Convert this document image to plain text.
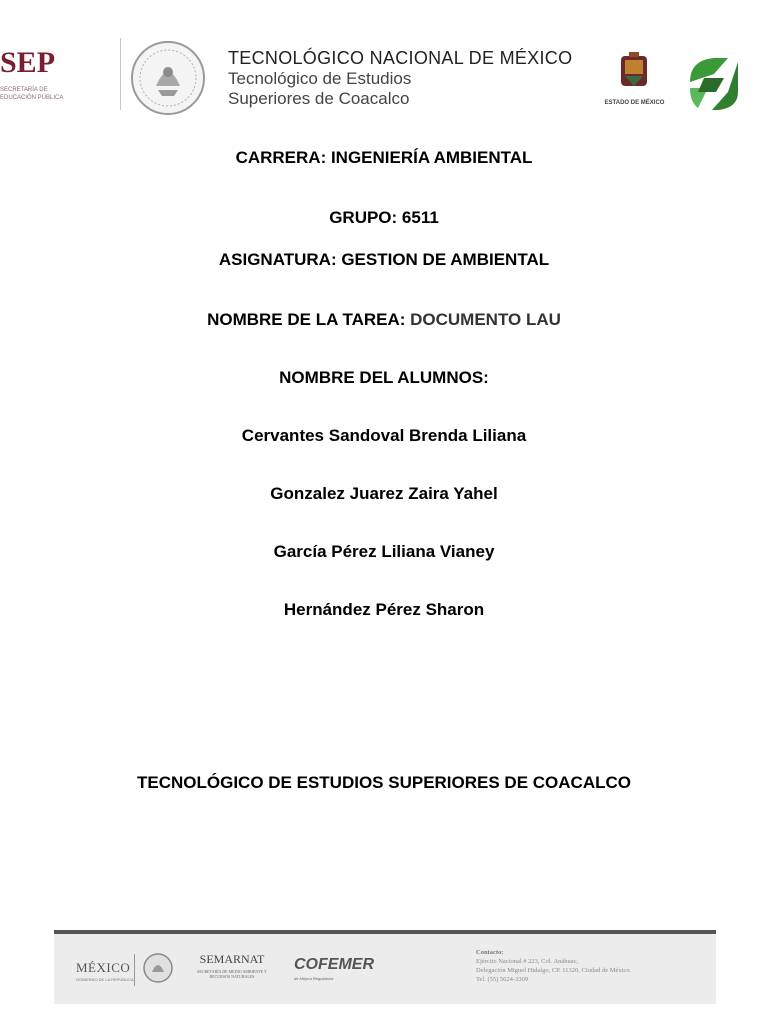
SEP
SECRETARÍA DE
EDUCACIÓN PÚBLICA
TECNOLÓGICO NACIONAL DE MÉXICO
Tecnológico de Estudios
Superiores de Coacalco	ESTADO DE MÉXICO
CARRERA: INGENIERÍA AMBIENTAL
GRUPO: 6511
ASIGNATURA: GESTION DE AMBIENTAL
NOMBRE DE LA TAREA: DOCUMENTO LAU
NOMBRE DEL ALUMNOS:
Cervantes Sandoval Brenda Liliana
Gonzalez Juarez Zaira Yahel
García Pérez Liliana Vianey
Hernández Pérez Sharon
TECNOLÓGICO DE ESTUDIOS SUPERIORES DE COACALCO
MÉXICO
GOBIERNO DE LA REPÚBLICA
SEMARNAT
SECRETARÍA DE MEDIO AMBIENTE Y RECURSOS NATURALES
COFEMER
de Mejora Regulatoria
Contacto:
Ejército Nacional # 223, Col. Anáhuac,
Delegación Miguel Hidalgo, CP. 11320, Ciudad de México.
Tel. (55) 5624-3309
